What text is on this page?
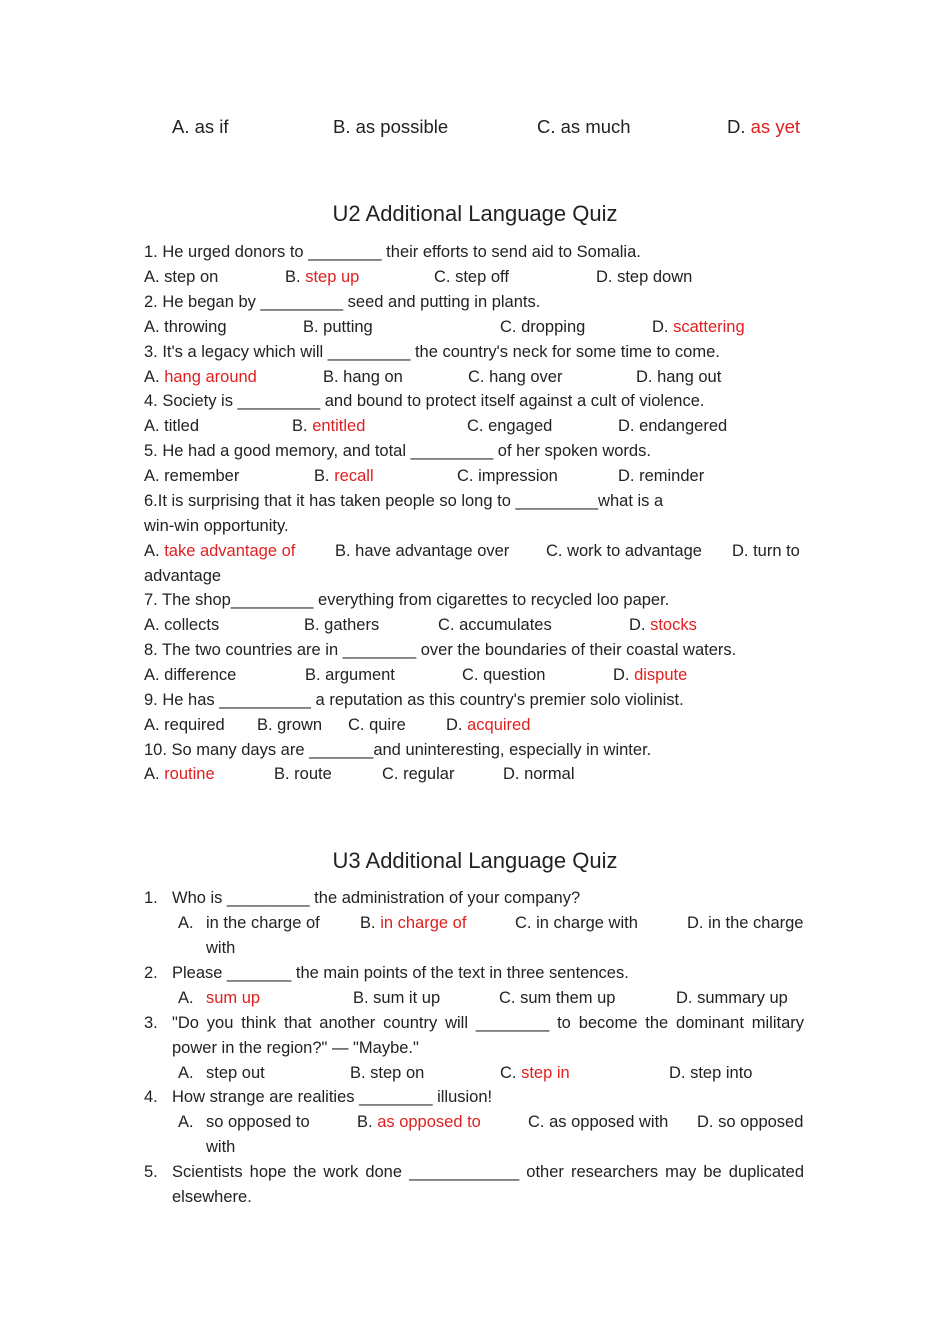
A. as if	B. as possible	C. as much	D. as yet
U2 Additional Language Quiz
1. He urged donors to ________ their efforts to send aid to Somalia.
A. step on	B. step up	C. step off	D. step down
2. He began by _________ seed and putting in plants.
A. throwing	B. putting	C. dropping	D. scattering
3. It's a legacy which will _________ the country's neck for some time to come.
A. hang around	B. hang on	C. hang over	D. hang out
4. Society is _________ and bound to protect itself against a cult of violence.
A. titled	B. entitled	C. engaged	D. endangered
5. He had a good memory, and total _________ of her spoken words.
A. remember	B. recall	C. impression	D. reminder
6.It is surprising that it has taken people so long to _________what is a
win-win opportunity.
A. take advantage of B. have advantage over C. work to advantage D. turn to
advantage
7. The shop_________ everything from cigarettes to recycled loo paper.
A. collects	B. gathers	C. accumulates	D. stocks
8. The two countries are in ________ over the boundaries of their coastal waters.
A. difference	B. argument	C. question	D. dispute
9. He has __________ a reputation as this country's premier solo violinist.
A. required B. grown C. quire D. acquired
10. So many days are _______and uninteresting, especially in winter.
A. routine	B. route	C. regular	D. normal
U3 Additional Language Quiz
1. Who is _________ the administration of your company?
A. in the charge of B. in charge of	C. in charge with	D. in the charge
with
2. Please _______ the main points of the text in three sentences.
A. sum up	B. sum it up	C. sum them up	D. summary up
3. "Do you think that another country will ________ to become the dominant military
power in the region?" — "Maybe."
A. step out	B. step on	C. step in	D. step into
4. How strange are realities ________ illusion!
A. so opposed to	B. as opposed to	C. as opposed with D. so opposed
with
5. Scientists hope the work done ____________ other researchers may be duplicated
elsewhere.
